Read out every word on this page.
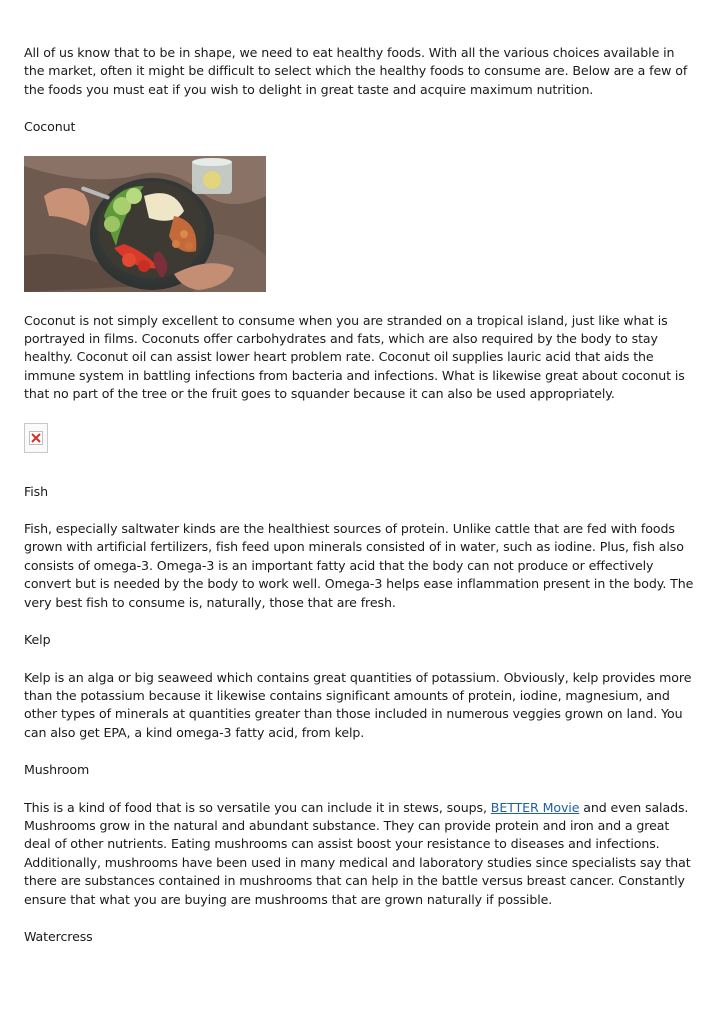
All of us know that to be in shape, we need to eat healthy foods. With all the various choices available in the market, often it might be difficult to select which the healthy foods to consume are. Below are a few of the foods you must eat if you wish to delight in great taste and acquire maximum nutrition.

Coconut

Coconut is not simply excellent to consume when you are stranded on a tropical island, just like what is portrayed in films. Coconuts offer carbohydrates and fats, which are also required by the body to stay healthy. Coconut oil can assist lower heart problem rate. Coconut oil supplies lauric acid that aids the immune system in battling infections from bacteria and infections. What is likewise great about coconut is that no part of the tree or the fruit goes to squander because it can also be used appropriately.

Fish

Fish, especially saltwater kinds are the healthiest sources of protein. Unlike cattle that are fed with foods grown with artificial fertilizers, fish feed upon minerals consisted of in water, such as iodine. Plus, fish also consists of omega-3. Omega-3 is an important fatty acid that the body can not produce or effectively convert but is needed by the body to work well. Omega-3 helps ease inflammation present in the body. The very best fish to consume is, naturally, those that are fresh.

Kelp

Kelp is an alga or big seaweed which contains great quantities of potassium. Obviously, kelp provides more than the potassium because it likewise contains significant amounts of protein, iodine, magnesium, and other types of minerals at quantities greater than those included in numerous veggies grown on land. You can also get EPA, a kind omega-3 fatty acid, from kelp.

Mushroom

This is a kind of food that is so versatile you can include it in stews, soups, BETTER Movie and even salads. Mushrooms grow in the natural and abundant substance. They can provide protein and iron and a great deal of other nutrients. Eating mushrooms can assist boost your resistance to diseases and infections. Additionally, mushrooms have been used in many medical and laboratory studies since specialists say that there are substances contained in mushrooms that can help in the battle versus breast cancer. Constantly ensure that what you are buying are mushrooms that are grown naturally if possible.

Watercress
